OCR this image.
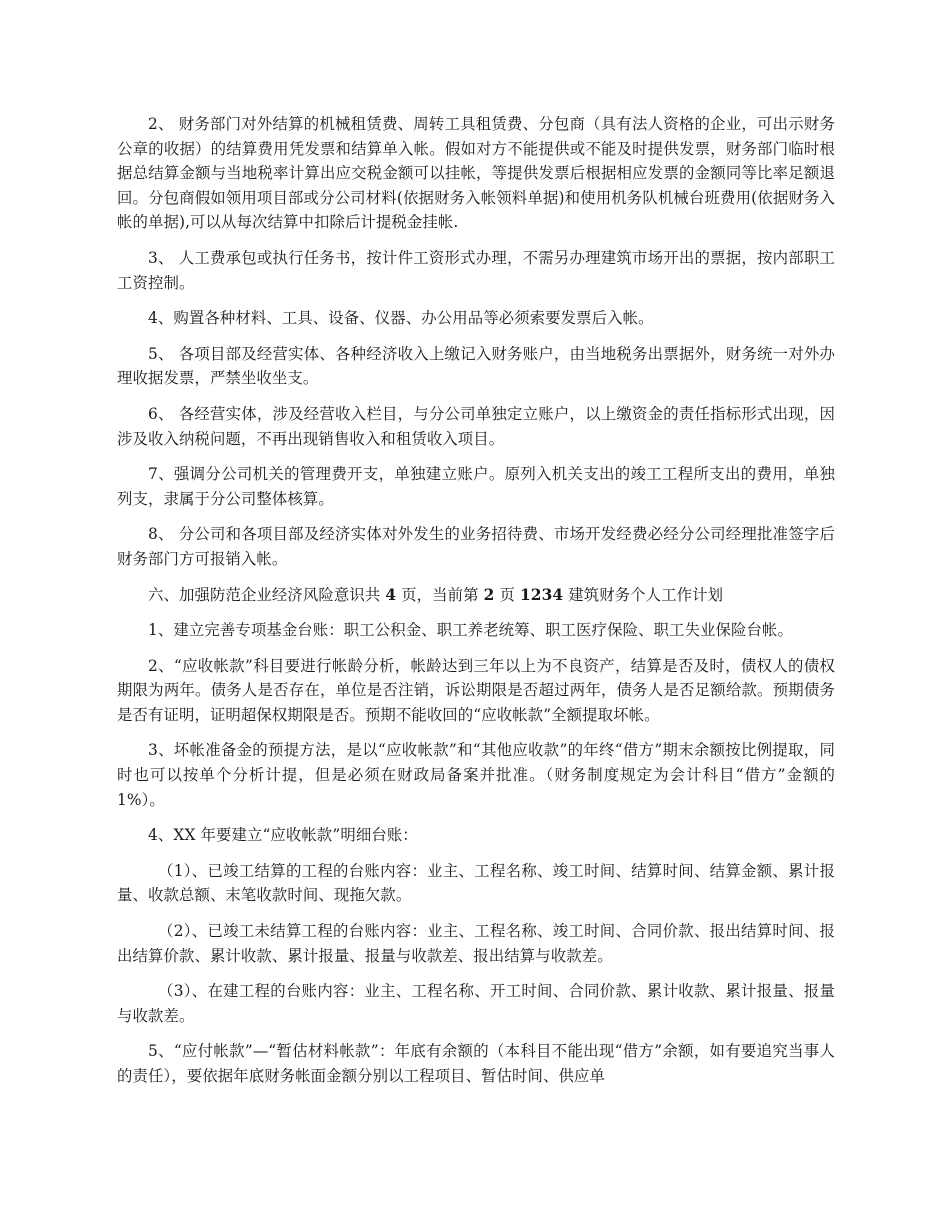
2、 财务部门对外结算的机械租赁费、周转工具租赁费、分包商（具有法人资格的企业，可出示财务公章的收据）的结算费用凭发票和结算单入帐。假如对方不能提供或不能及时提供发票，财务部门临时根据总结算金额与当地税率计算出应交税金额可以挂帐，等提供发票后根据相应发票的金额同等比率足额退回。分包商假如领用项目部或分公司材料(依据财务入帐领料单据)和使用机务队机械台班费用(依据财务入帐的单据),可以从每次结算中扣除后计提税金挂帐.

3、 人工费承包或执行任务书，按计件工资形式办理，不需另办理建筑市场开出的票据，按内部职工工资控制。

4、购置各种材料、工具、设备、仪器、办公用品等必须索要发票后入帐。

5、 各项目部及经营实体、各种经济收入上缴记入财务账户，由当地税务出票据外，财务统一对外办理收据发票，严禁坐收坐支。

6、 各经营实体，涉及经营收入栏目，与分公司单独定立账户，以上缴资金的责任指标形式出现，因涉及收入纳税问题，不再出现销售收入和租赁收入项目。

7、强调分公司机关的管理费开支，单独建立账户。原列入机关支出的竣工工程所支出的费用，单独列支，隶属于分公司整体核算。

8、 分公司和各项目部及经济实体对外发生的业务招待费、市场开发经费必经分公司经理批准签字后财务部门方可报销入帐。

六、加强防范企业经济风险意识共 4 页，当前第 2 页 1234 建筑财务个人工作计划

1、建立完善专项基金台账：职工公积金、职工养老统筹、职工医疗保险、职工失业保险台帐。

2、“应收帐款”科目要进行帐龄分析，帐龄达到三年以上为不良资产，结算是否及时，债权人的债权期限为两年。债务人是否存在，单位是否注销，诉讼期限是否超过两年，债务人是否足额给款。预期债务是否有证明，证明超保权期限是否。预期不能收回的“应收帐款”全额提取坏帐。

3、坏帐准备金的预提方法，是以“应收帐款”和“其他应收款”的年终“借方”期末余额按比例提取，同时也可以按单个分析计提，但是必须在财政局备案并批准。（财务制度规定为会计科目“借方”金额的 1%）。

4、XX 年要建立“应收帐款”明细台账：

（1）、已竣工结算的工程的台账内容：业主、工程名称、竣工时间、结算时间、结算金额、累计报量、收款总额、末笔收款时间、现拖欠款。

（2）、已竣工未结算工程的台账内容：业主、工程名称、竣工时间、合同价款、报出结算时间、报出结算价款、累计收款、累计报量、报量与收款差、报出结算与收款差。

（3）、在建工程的台账内容：业主、工程名称、开工时间、合同价款、累计收款、累计报量、报量与收款差。

5、“应付帐款”—“暂估材料帐款”：年底有余额的（本科目不能出现“借方”余额，如有要追究当事人的责任），要依据年底财务帐面金额分别以工程项目、暂估时间、供应单
